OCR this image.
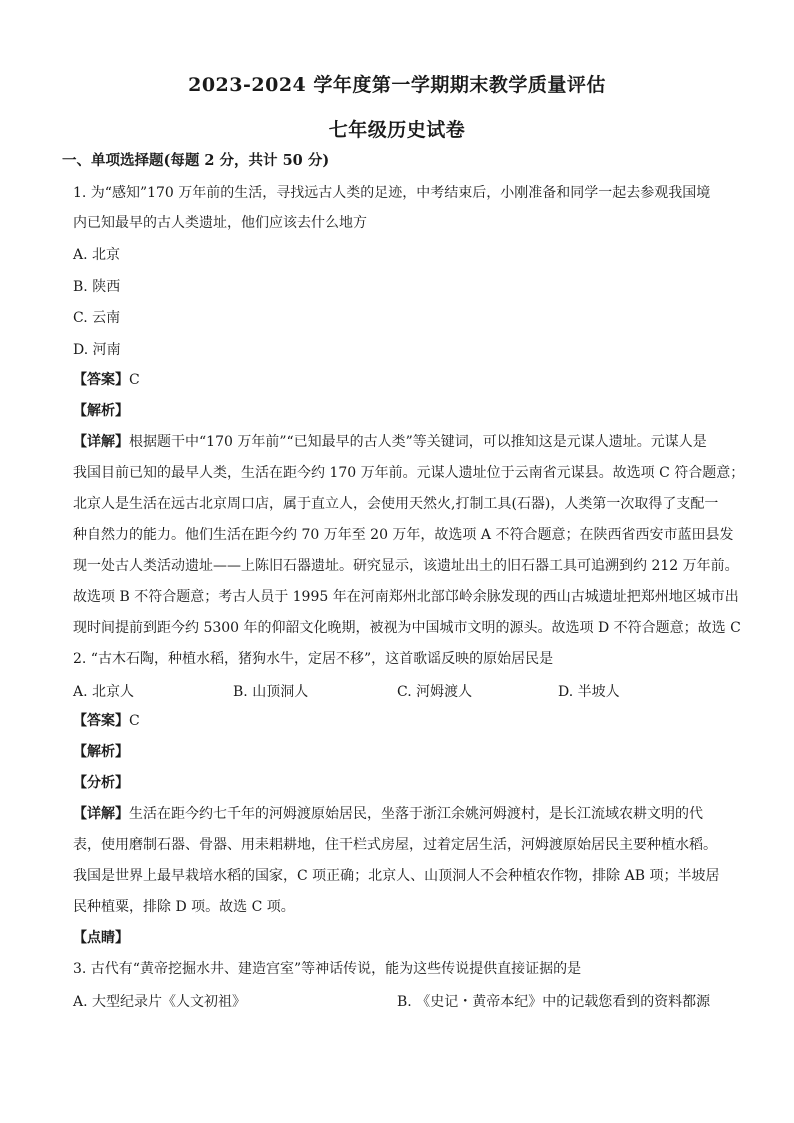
2023-2024 学年度第一学期期末教学质量评估
七年级历史试卷
一、单项选择题(每题 2 分，共计 50 分)
1. 为“感知”170 万年前的生活，寻找远古人类的足迹，中考结束后，小刚准备和同学一起去参观我国境
内已知最早的古人类遗址，他们应该去什么地方
A. 北京
B. 陕西
C. 云南
D. 河南
【答案】C
【解析】
【详解】根据题干中“170 万年前”“已知最早的古人类”等关键词，可以推知这是元谋人遗址。元谋人是
我国目前已知的最早人类，生活在距今约 170 万年前。元谋人遗址位于云南省元谋县。故选项 C 符合题意；
北京人是生活在远古北京周口店，属于直立人，会使用天然火,打制工具(石器)，人类第一次取得了支配一
种自然力的能力。他们生活在距今约 70 万年至 20 万年，故选项 A 不符合题意；在陕西省西安市蓝田县发
现一处古人类活动遗址——上陈旧石器遗址。研究显示，该遗址出土的旧石器工具可追溯到约 212 万年前。
故选项 B 不符合题意；考古人员于 1995 年在河南郑州北部邙岭余脉发现的西山古城遗址把郑州地区城市出
现时间提前到距今约 5300 年的仰韶文化晚期，被视为中国城市文明的源头。故选项 D 不符合题意；故选 C
2. “古木石陶，种植水稻，猪狗水牛，定居不移”，这首歌谣反映的原始居民是
A. 北京人	B. 山顶洞人	C. 河姆渡人	D. 半坡人
【答案】C
【解析】
【分析】
【详解】生活在距今约七千年的河姆渡原始居民，坐落于浙江余姚河姆渡村，是长江流域农耕文明的代
表，使用磨制石器、骨器、用耒耜耕地，住干栏式房屋，过着定居生活，河姆渡原始居民主要种植水稻。
我国是世界上最早栽培水稻的国家，C 项正确；北京人、山顶洞人不会种植农作物，排除 AB 项；半坡居
民种植粟，排除 D 项。故选 C 项。
【点睛】
3. 古代有“黄帝挖掘水井、建造宫室”等神话传说，能为这些传说提供直接证据的是
A. 大型纪录片《人文初祖》	B. 《史记・黄帝本纪》中的记载您看到的资料都源
